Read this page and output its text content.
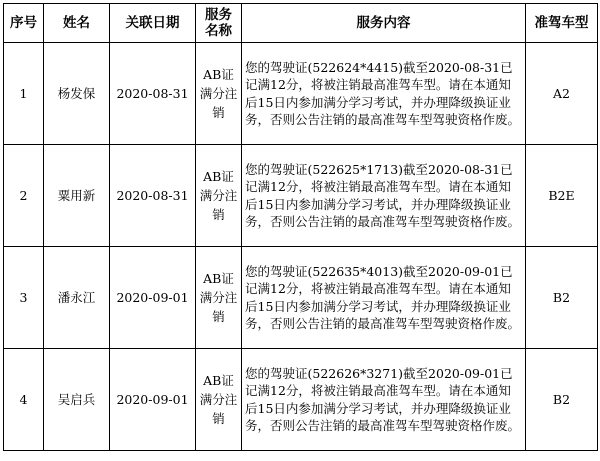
序号	姓名	关联日期	服务名称	服务内容	准驾车型
1	杨发保	2020-08-31	AB证满分注销	您的驾驶证(522624*4415)截至2020-08-31已记满12分，将被注销最高准驾车型。请在本通知后15日内参加满分学习考试，并办理降级换证业务，否则公告注销的最高准驾车型驾驶资格作废。	A2
2	粟用新	2020-08-31	AB证满分注销	您的驾驶证(522625*1713)截至2020-08-31已记满12分，将被注销最高准驾车型。请在本通知后15日内参加满分学习考试，并办理降级换证业务，否则公告注销的最高准驾车型驾驶资格作废。	B2E
3	潘永江	2020-09-01	AB证满分注销	您的驾驶证(522635*4013)截至2020-09-01已记满12分，将被注销最高准驾车型。请在本通知后15日内参加满分学习考试，并办理降级换证业务，否则公告注销的最高准驾车型驾驶资格作废。	B2
4	吴启兵	2020-09-01	AB证满分注销	您的驾驶证(522626*3271)截至2020-09-01已记满12分，将被注销最高准驾车型。请在本通知后15日内参加满分学习考试，并办理降级换证业务，否则公告注销的最高准驾车型驾驶资格作废。	B2
